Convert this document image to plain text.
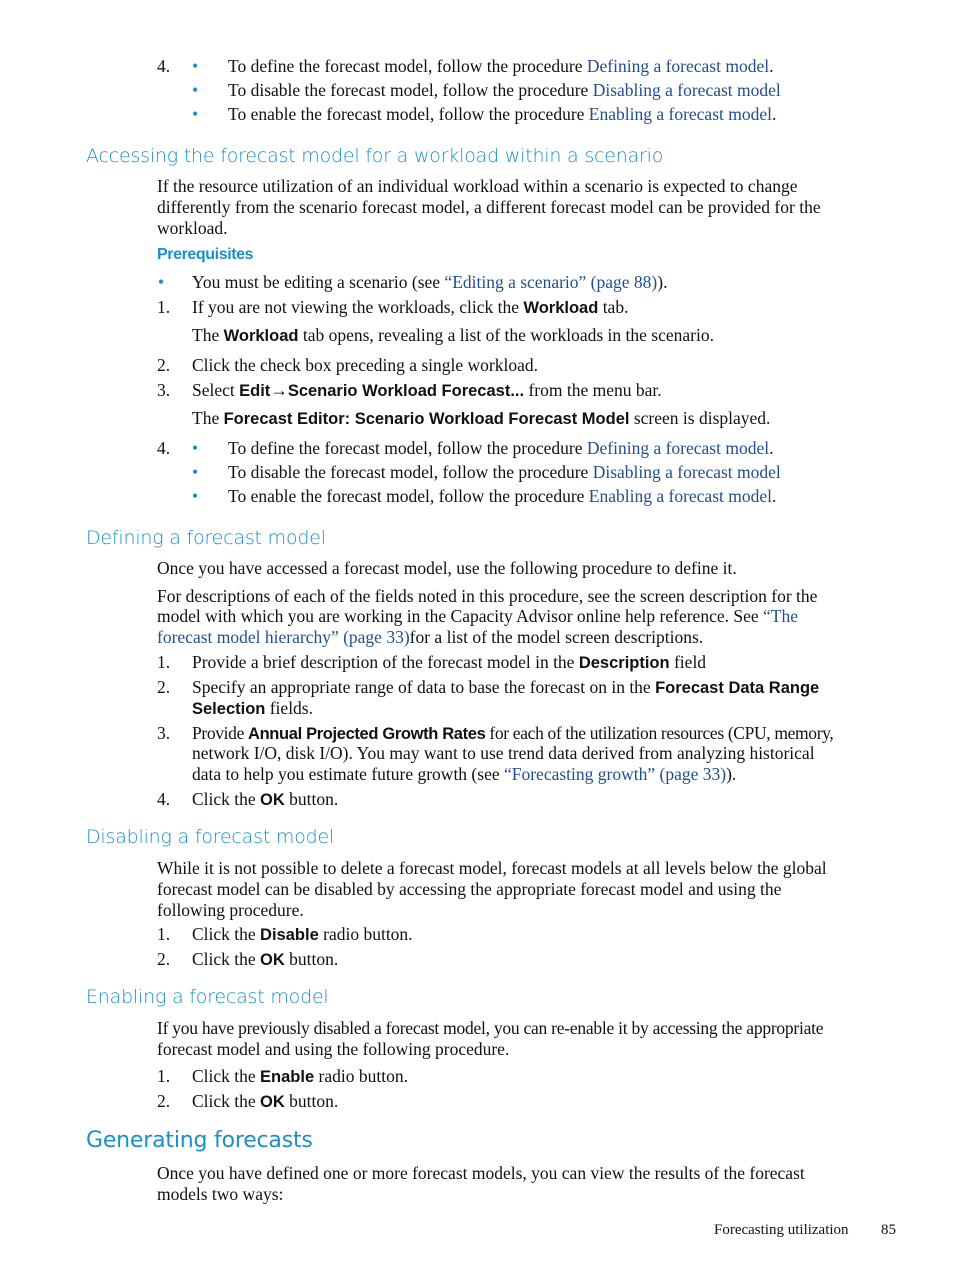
4. • To define the forecast model, follow the procedure Defining a forecast model.
• To disable the forecast model, follow the procedure Disabling a forecast model
• To enable the forecast model, follow the procedure Enabling a forecast model.
Accessing the forecast model for a workload within a scenario
If the resource utilization of an individual workload within a scenario is expected to change
differently from the scenario forecast model, a different forecast model can be provided for the
workload.
Prerequisites
• You must be editing a scenario (see “Editing a scenario” (page 88)).
1. If you are not viewing the workloads, click the Workload tab.
The Workload tab opens, revealing a list of the workloads in the scenario.
2. Click the check box preceding a single workload.
3. Select Edit→Scenario Workload Forecast... from the menu bar.
The Forecast Editor: Scenario Workload Forecast Model screen is displayed.
4. • To define the forecast model, follow the procedure Defining a forecast model.
• To disable the forecast model, follow the procedure Disabling a forecast model
• To enable the forecast model, follow the procedure Enabling a forecast model.
Defining a forecast model
Once you have accessed a forecast model, use the following procedure to define it.
For descriptions of each of the fields noted in this procedure, see the screen description for the
model with which you are working in the Capacity Advisor online help reference. See “The
forecast model hierarchy” (page 33)for a list of the model screen descriptions.
1. Provide a brief description of the forecast model in the Description field
2. Specify an appropriate range of data to base the forecast on in the Forecast Data Range
Selection fields.
3. Provide Annual Projected Growth Rates for each of the utilization resources (CPU, memory,
network I/O, disk I/O). You may want to use trend data derived from analyzing historical
data to help you estimate future growth (see “Forecasting growth” (page 33)).
4. Click the OK button.
Disabling a forecast model
While it is not possible to delete a forecast model, forecast models at all levels below the global
forecast model can be disabled by accessing the appropriate forecast model and using the
following procedure.
1. Click the Disable radio button.
2. Click the OK button.
Enabling a forecast model
If you have previously disabled a forecast model, you can re-enable it by accessing the appropriate
forecast model and using the following procedure.
1. Click the Enable radio button.
2. Click the OK button.
Generating forecasts
Once you have defined one or more forecast models, you can view the results of the forecast
models two ways:
Forecasting utilization 85
